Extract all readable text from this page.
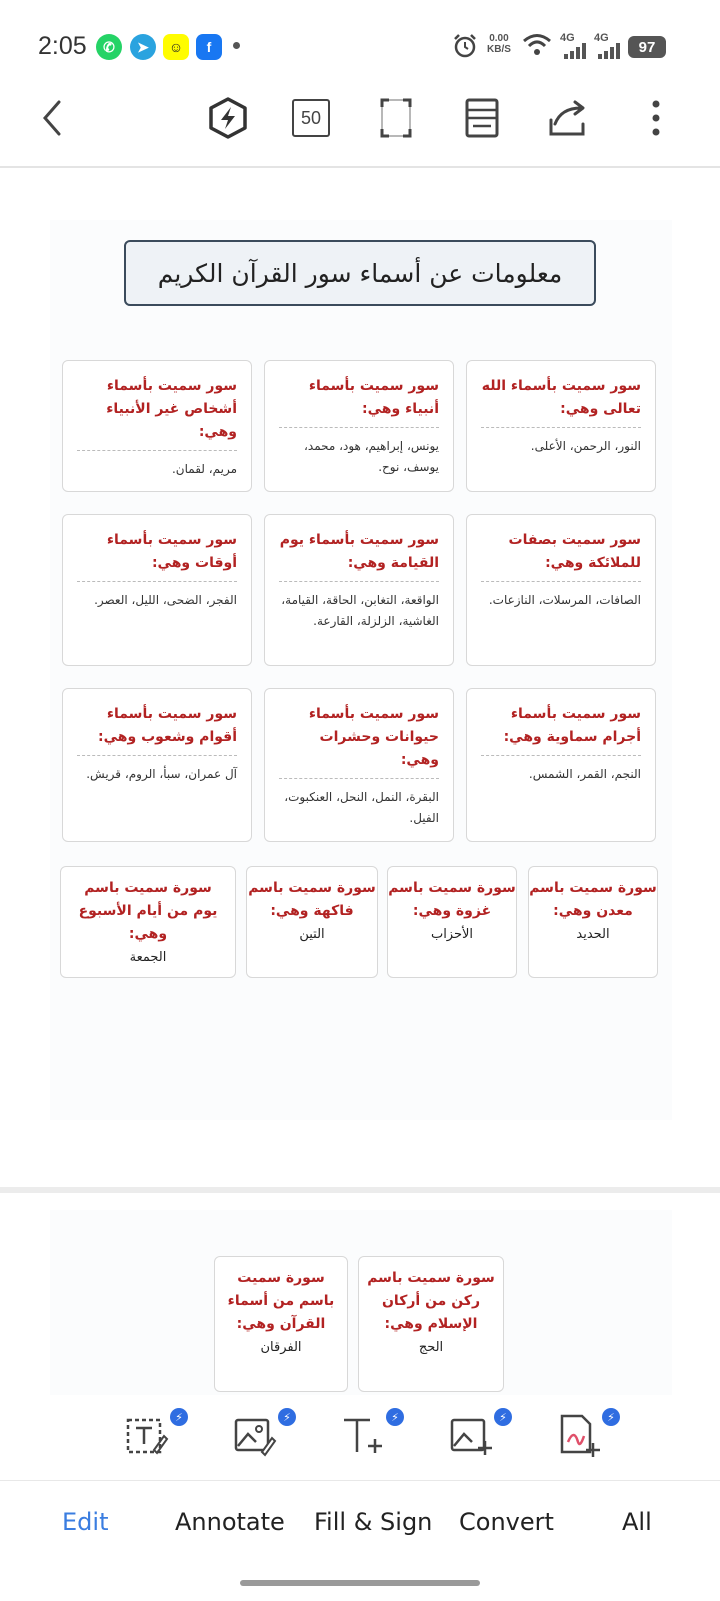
2:05	✆	➤	☺	f
0.00
KB/S
4G 4G
97
50
معلومات عن أسماء سور القرآن الكريم
سور سميت بأسماء الله تعالى وهي:
النور، الرحمن، الأعلى.
سور سميت بأسماء أنبياء وهي:
يونس، إبراهيم، هود، محمد، يوسف، نوح.
سور سميت بأسماء أشخاص غير الأنبياء وهي:
مريم، لقمان.
سور سميت بصفات للملائكة وهي:
الصافات، المرسلات، النازعات.
سور سميت بأسماء يوم القيامة وهي:
الواقعة، التغابن، الحاقة، القيامة، الغاشية، الزلزلة، القارعة.
سور سميت بأسماء أوقات وهي:
الفجر، الضحى، الليل، العصر.
سور سميت بأسماء أجرام سماوية وهي:
النجم، القمر، الشمس.
سور سميت بأسماء حيوانات وحشرات وهي:
البقرة، النمل، النحل، العنكبوت، الفيل.
سور سميت بأسماء أقوام وشعوب وهي:
آل عمران، سبأ، الروم، قريش.
سورة سميت باسم معدن وهي:
الحديد
سورة سميت باسم غزوة وهي:
الأحزاب
سورة سميت باسم فاكهة وهي:
التين
سورة سميت باسم يوم من أيام الأسبوع وهي:
الجمعة
سورة سميت باسم ركن من أركان الإسلام وهي:
الحج
سورة سميت باسم من أسماء القرآن وهي:
الفرقان
⚡	⚡	⚡	⚡	⚡
Edit	Annotate Fill & Sign Convert	All
